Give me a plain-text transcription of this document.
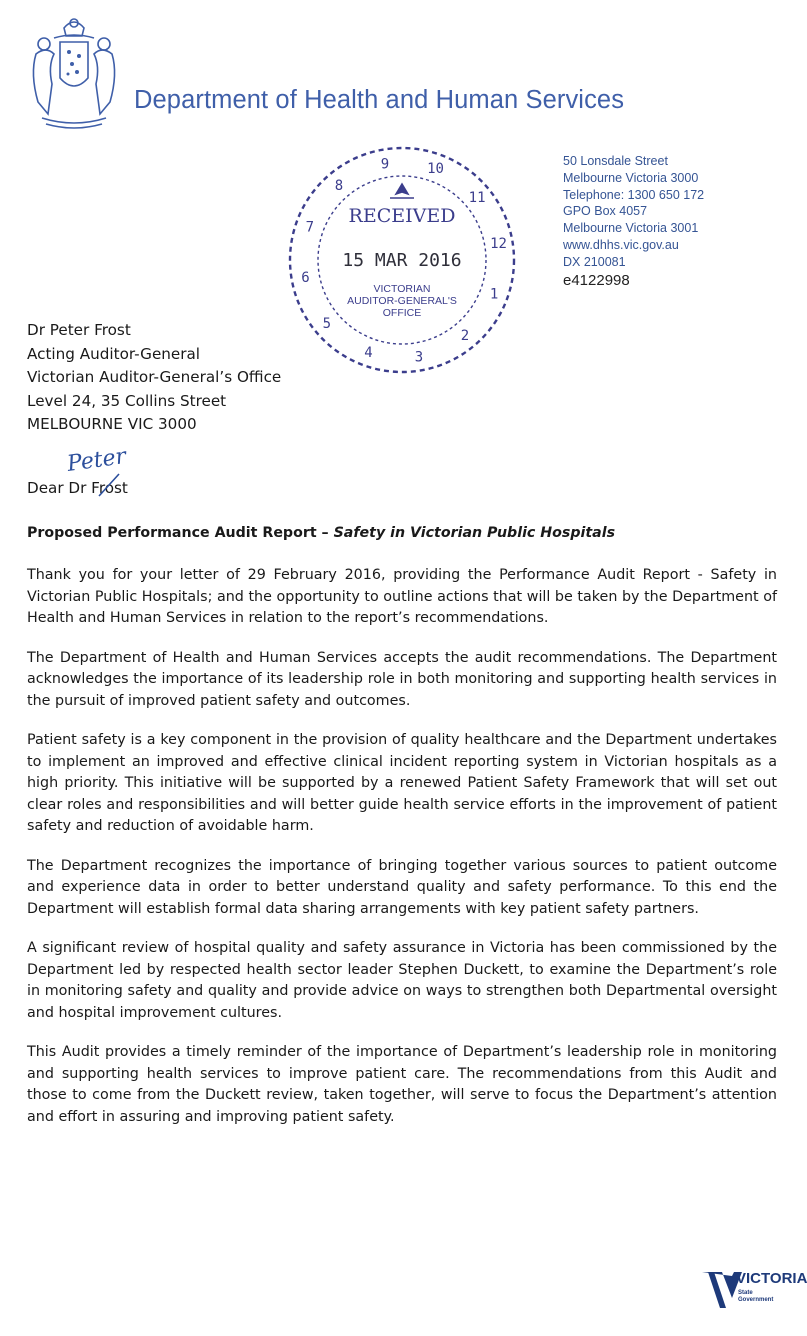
Department of Health and Human Services
9	10
11
12
1
2
3
4
5
6
7
8
RECEIVED
15 MAR 2016
VICTORIAN
AUDITOR-GENERAL'S
OFFICE
50 Lonsdale Street
Melbourne Victoria 3000
Telephone: 1300 650 172
GPO Box 4057
Melbourne Victoria 3001
www.dhhs.vic.gov.au
DX 210081
e4122998
Dr Peter Frost
Acting Auditor-General
Victorian Auditor-General’s Office
Level 24, 35 Collins Street
MELBOURNE VIC 3000
Peter
Dear Dr Frost
Proposed Performance Audit Report – Safety in Victorian Public Hospitals

Thank you for your letter of 29 February 2016, providing the Performance Audit Report - Safety in Victorian Public Hospitals; and the opportunity to outline actions that will be taken by the Department of Health and Human Services in relation to the report’s recommendations.

The Department of Health and Human Services accepts the audit recommendations. The Department acknowledges the importance of its leadership role in both monitoring and supporting health services in the pursuit of improved patient safety and outcomes.

Patient safety is a key component in the provision of quality healthcare and the Department undertakes to implement an improved and effective clinical incident reporting system in Victorian hospitals as a high priority. This initiative will be supported by a renewed Patient Safety Framework that will set out clear roles and responsibilities and will better guide health service efforts in the improvement of patient safety and reduction of avoidable harm.

The Department recognizes the importance of bringing together various sources to patient outcome and experience data in order to better understand quality and safety performance. To this end the Department will establish formal data sharing arrangements with key patient safety partners.

A significant review of hospital quality and safety assurance in Victoria has been commissioned by the Department led by respected health sector leader Stephen Duckett, to examine the Department’s role in monitoring safety and quality and provide advice on ways to strengthen both Departmental oversight and hospital improvement cultures.

This Audit provides a timely reminder of the importance of Department’s leadership role in monitoring and supporting health services to improve patient care. The recommendations from this Audit and those to come from the Duckett review, taken together, will serve to focus the Department’s attention and effort in assuring and improving patient safety.

VICTORIA
State
Government
